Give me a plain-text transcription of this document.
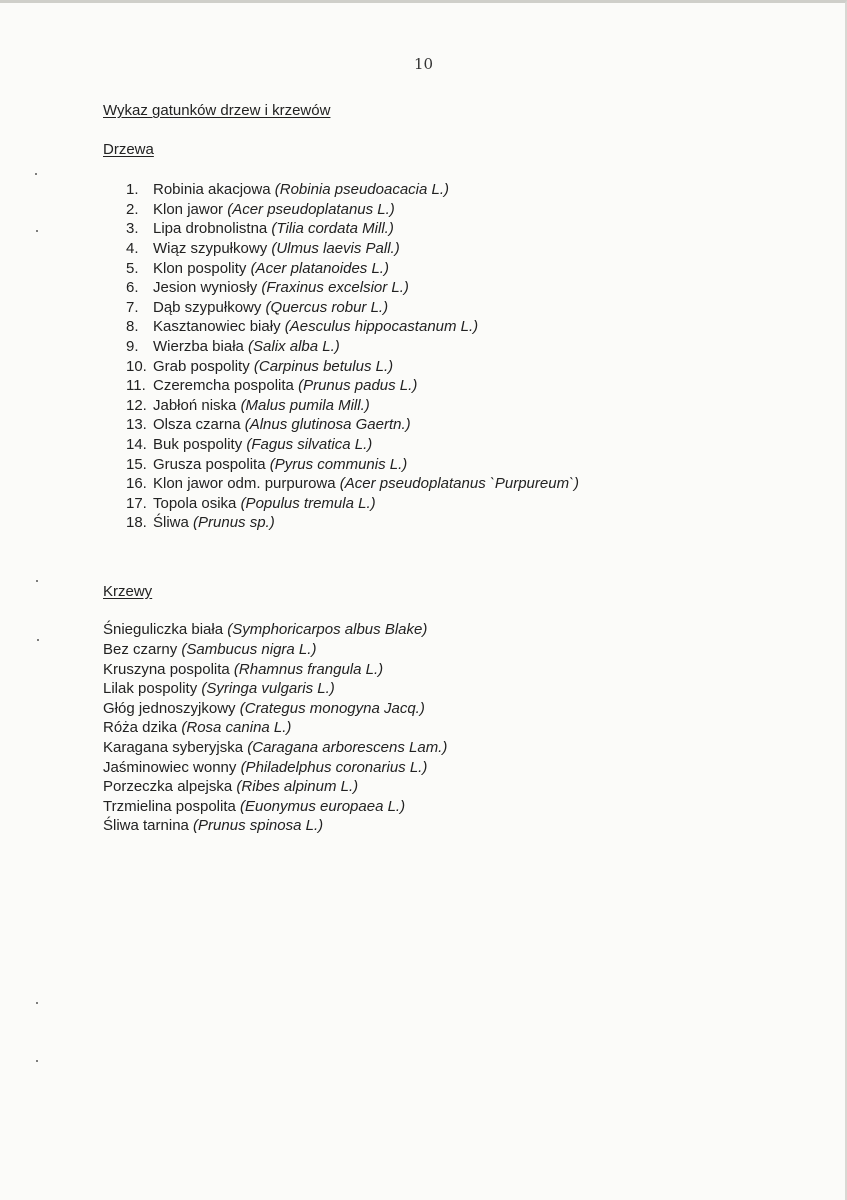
10
Wykaz gatunków drzew i krzewów
Drzewa
1. Robinia akacjowa (Robinia pseudoacacia L.)
2. Klon jawor (Acer pseudoplatanus L.)
3. Lipa drobnolistna (Tilia cordata Mill.)
4. Wiąz szypułkowy (Ulmus laevis Pall.)
5. Klon pospolity (Acer platanoides L.)
6. Jesion wyniosły (Fraxinus excelsior L.)
7. Dąb szypułkowy (Quercus robur L.)
8. Kasztanowiec biały (Aesculus hippocastanum L.)
9. Wierzba biała (Salix alba L.)
10. Grab pospolity (Carpinus betulus L.)
11. Czeremcha pospolita (Prunus padus L.)
12. Jabłoń niska (Malus pumila Mill.)
13. Olsza czarna (Alnus glutinosa Gaertn.)
14. Buk pospolity (Fagus silvatica L.)
15. Grusza pospolita (Pyrus communis L.)
16. Klon jawor odm. purpurowa (Acer pseudoplatanus `Purpureum`)
17. Topola osika (Populus tremula L.)
18. Śliwa (Prunus sp.)
Krzewy
Śnieguliczka biała (Symphoricarpos albus Blake)
Bez czarny (Sambucus nigra L.)
Kruszyna pospolita (Rhamnus frangula L.)
Lilak pospolity (Syringa vulgaris L.)
Głóg jednoszyjkowy (Crategus monogyna Jacq.)
Róża dzika (Rosa canina L.)
Karagana syberyjska (Caragana arborescens Lam.)
Jaśminowiec wonny (Philadelphus coronarius L.)
Porzeczka alpejska (Ribes alpinum L.)
Trzmielina pospolita (Euonymus europaea L.)
Śliwa tarnina (Prunus spinosa L.)
